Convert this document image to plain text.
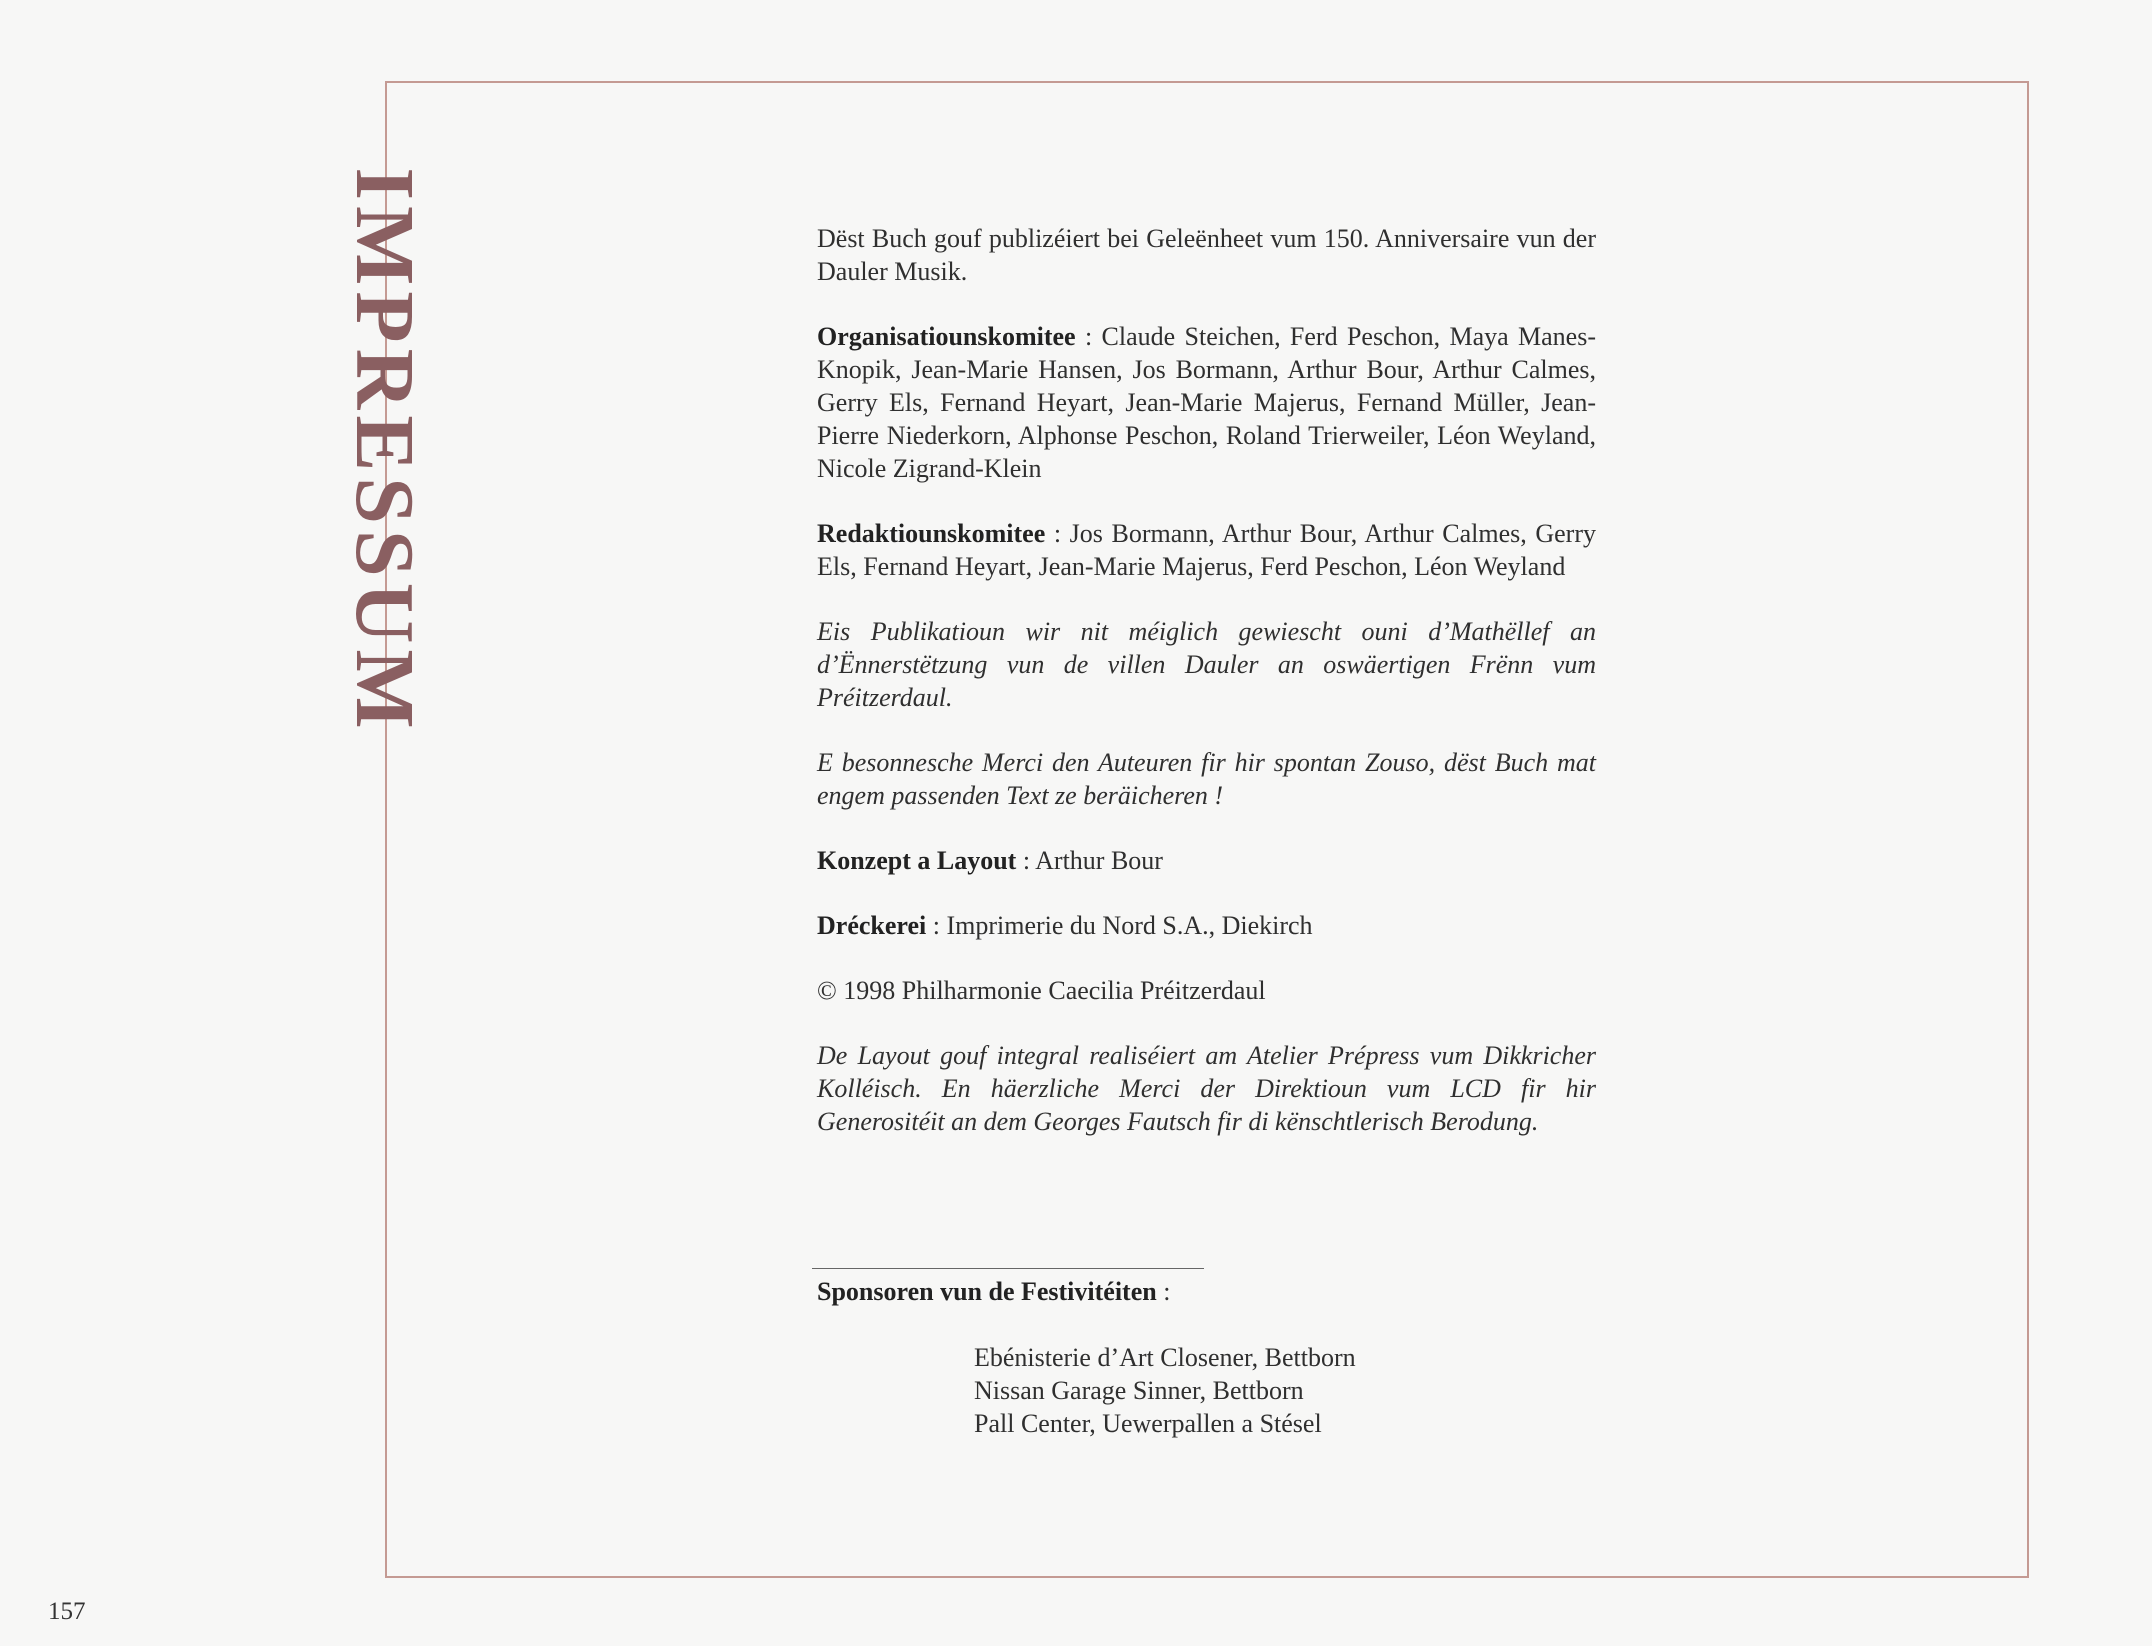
IMPRESSUM	Dëst Buch gouf publizéiert bei Geleënheet vum 150. Anniversaire vun der Dauler Musik.

Organisatiounskomitee : Claude Steichen, Ferd Peschon, Maya Manes-Knopik, Jean-Marie Hansen, Jos Bormann, Arthur Bour, Arthur Calmes, Gerry Els, Fernand Heyart, Jean-Marie Majerus, Fernand Müller, Jean-Pierre Niederkorn, Alphonse Peschon, Roland Trierweiler, Léon Weyland, Nicole Zigrand-Klein

Redaktiounskomitee : Jos Bormann, Arthur Bour, Arthur Calmes, Gerry Els, Fernand Heyart, Jean-Marie Majerus, Ferd Peschon, Léon Weyland

Eis Publikatioun wir nit méiglich gewiescht ouni d’Mathëllef an d’Ënnerstëtzung vun de villen Dauler an oswäertigen Frënn vum Préitzerdaul.

E besonnesche Merci den Auteuren fir hir spontan Zouso, dëst Buch mat engem passenden Text ze beräicheren !

Konzept a Layout : Arthur Bour

Dréckerei : Imprimerie du Nord S.A., Diekirch

© 1998 Philharmonie Caecilia Préitzerdaul

De Layout gouf integral realiséiert am Atelier Prépress vum Dikkricher Kolléisch. En häerzliche Merci der Direktioun vum LCD fir hir Generositéit an dem Georges Fautsch fir di kënschtlerisch Berodung.

Sponsoren vun de Festivitéiten :
Ebénisterie d’Art Closener, Bettborn
Nissan Garage Sinner, Bettborn
Pall Center, Uewerpallen a Stésel
157
